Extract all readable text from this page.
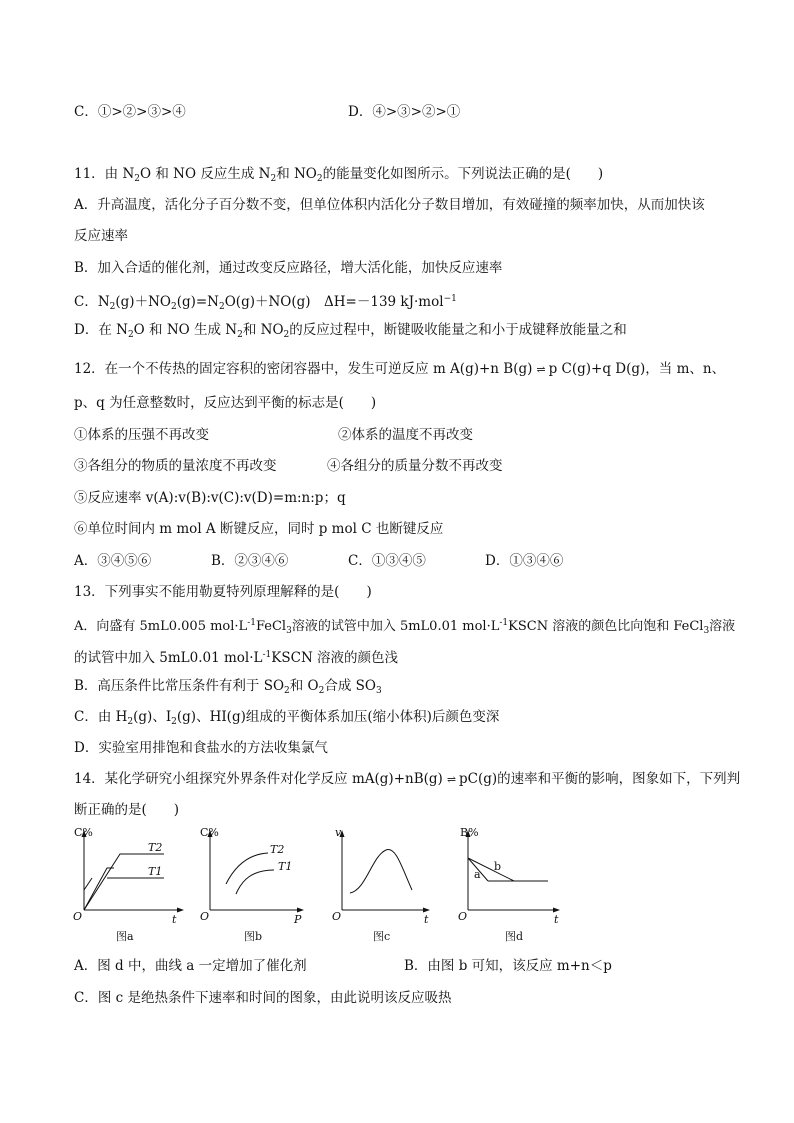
C．①>②>③>④	D．④>③>②>①
11．由 $N_2O$ 和 NO 反应生成 $N_2$和 $NO_2$的能量变化如图所示。下列说法正确的是(　　)
A．升高温度，活化分子百分数不变，但单位体积内活化分子数目增加，有效碰撞的频率加快，从而加快该
反应速率
B．加入合适的催化剂，通过改变反应路径，增大活化能，加快反应速率
C．$N_2(g)+NO_2(g)=N_2O(g)+NO(g)$　ΔH=－139 kJ·mol$^{-1}$
D．在 $N_2O$ 和 NO 生成 $N_2$和 $NO_2$的反应过程中，断键吸收能量之和小于成键释放能量之和
12．在一个不传热的固定容积的密闭容器中，发生可逆反应 m A(g)+n B(g) ⇌ p C(g)+q D(g)，当 m、n、
p、q 为任意整数时，反应达到平衡的标志是(　　)
①体系的压强不再改变	②体系的温度不再改变
③各组分的物质的量浓度不再改变	④各组分的质量分数不再改变
⑤反应速率 v(A):v(B):v(C):v(D)=m:n:p；q
⑥单位时间内 m mol A 断键反应，同时 p mol C 也断键反应
A．③④⑤⑥	B．②③④⑥	C．①③④⑤	D．①③④⑥
13．下列事实不能用勒夏特列原理解释的是(　　)
A．向盛有 5mL0.005 $mol\cdot L^{-1}FeCl_3$溶液的试管中加入 5mL0.01 $mol\cdot L^{-1}KSCN$ 溶液的颜色比向饱和 FeCl$_3$溶液
的试管中加入 5mL0.01 $mol\cdot L^{-1}KSCN$ 溶液的颜色浅
B．高压条件比常压条件有利于 $SO_2$和 $O_2$合成 $SO_3$
C．由 $H_2(g)$、$I_2(g)$、HI(g)组成的平衡体系加压(缩小体积)后颜色变深
D．实验室用排饱和食盐水的方法收集氯气
14．某化学研究小组探究外界条件对化学反应 mA(g)+nB(g) ⇌ pC(g)的速率和平衡的影响，图象如下，下列判
断正确的是(　　)
C%
O	t
T2
T1
图a
C%
O	P
T2
T1
图b
v
O	t
图c
B%
O	t
a
b
图d
A．图 d 中，曲线 a 一定增加了催化剂	B．由图 b 可知，该反应 m+n＜p
C．图 c 是绝热条件下速率和时间的图象，由此说明该反应吸热
